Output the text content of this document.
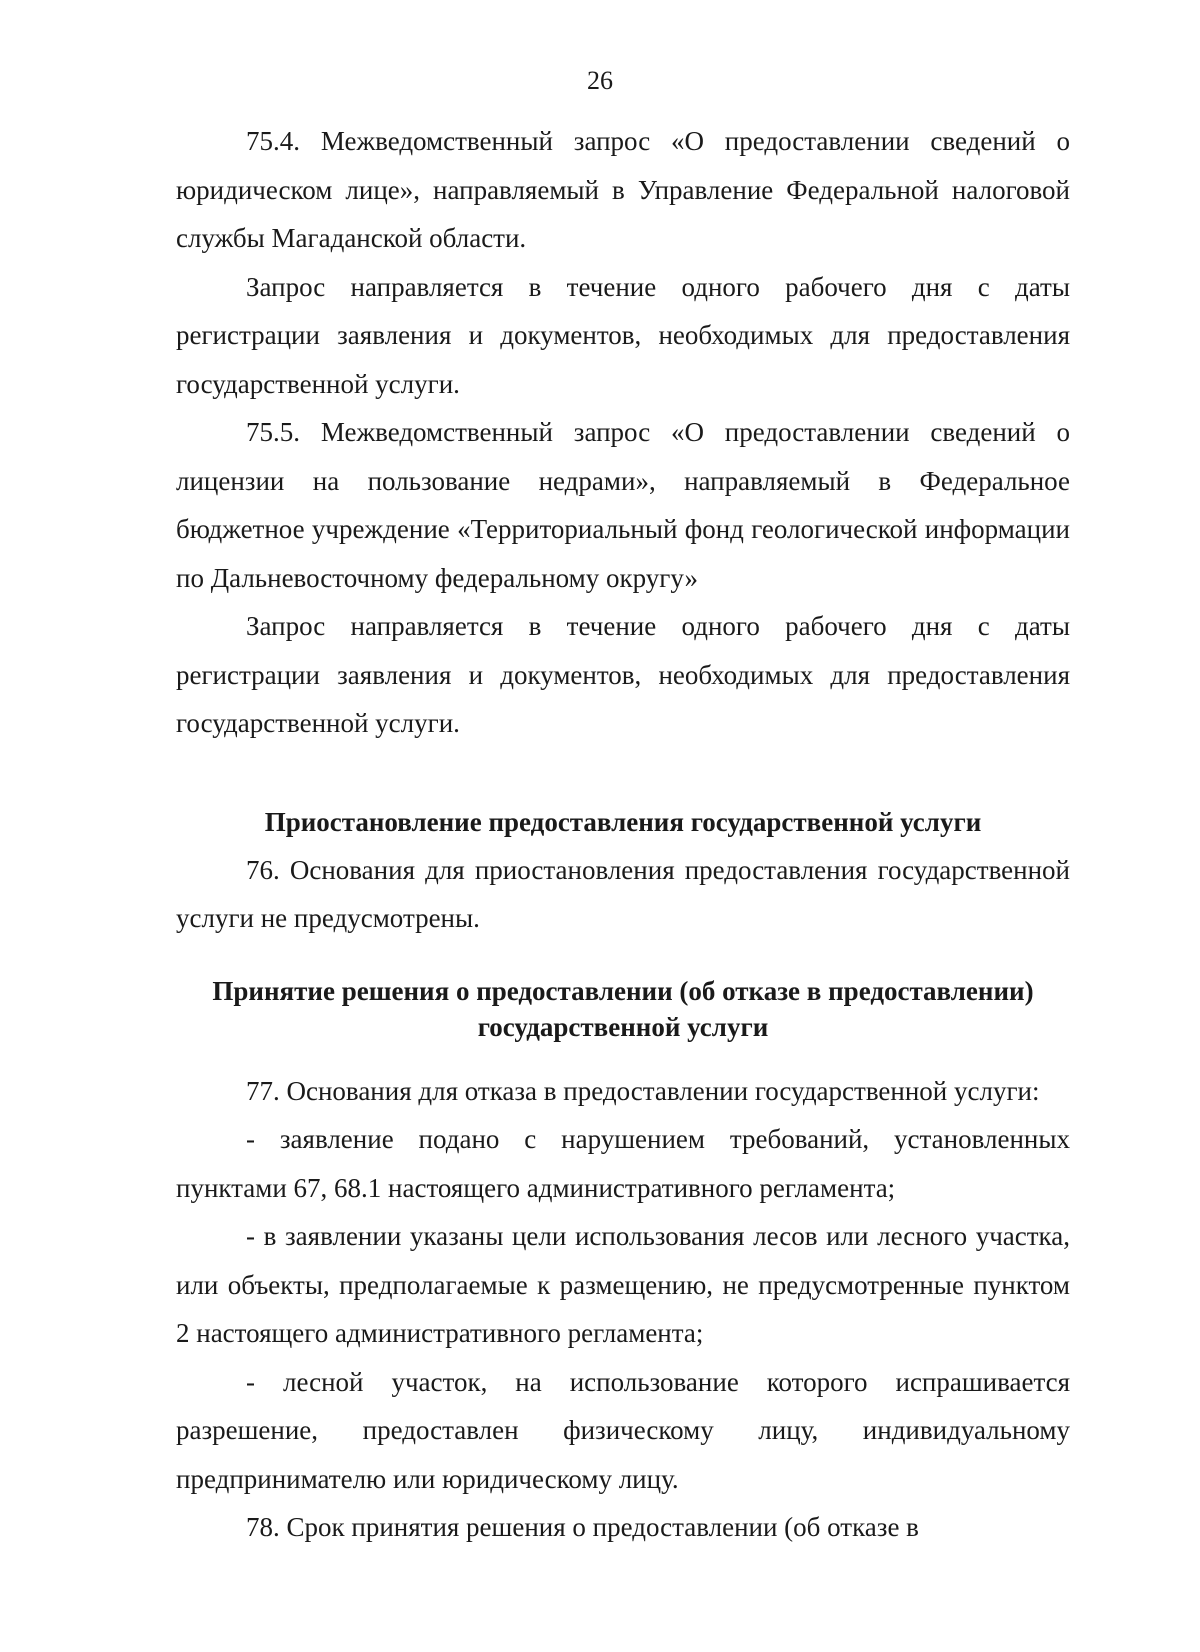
26

75.4. Межведомственный запрос «О предоставлении сведений о юридическом лице», направляемый в Управление Федеральной налоговой службы Магаданской области.

Запрос направляется в течение одного рабочего дня с даты регистрации заявления и документов, необходимых для предоставления государственной услуги.

75.5. Межведомственный запрос «О предоставлении сведений о лицензии на пользование недрами», направляемый в Федеральное бюджетное учреждение «Территориальный фонд геологической информации по Дальневосточному федеральному округу»

Запрос направляется в течение одного рабочего дня с даты регистрации заявления и документов, необходимых для предоставления государственной услуги.

Приостановление предоставления государственной услуги

76. Основания для приостановления предоставления государственной услуги не предусмотрены.

Принятие решения о предоставлении (об отказе в предоставлении)
государственной услуги

77. Основания для отказа в предоставлении государственной услуги:

- заявление подано с нарушением требований, установленных пунктами 67, 68.1 настоящего административного регламента;

- в заявлении указаны цели использования лесов или лесного участка, или объекты, предполагаемые к размещению, не предусмотренные пунктом 2 настоящего административного регламента;

- лесной участок, на использование которого испрашивается разрешение, предоставлен физическому лицу, индивидуальному предпринимателю или юридическому лицу.

78. Срок принятия решения о предоставлении (об отказе в
